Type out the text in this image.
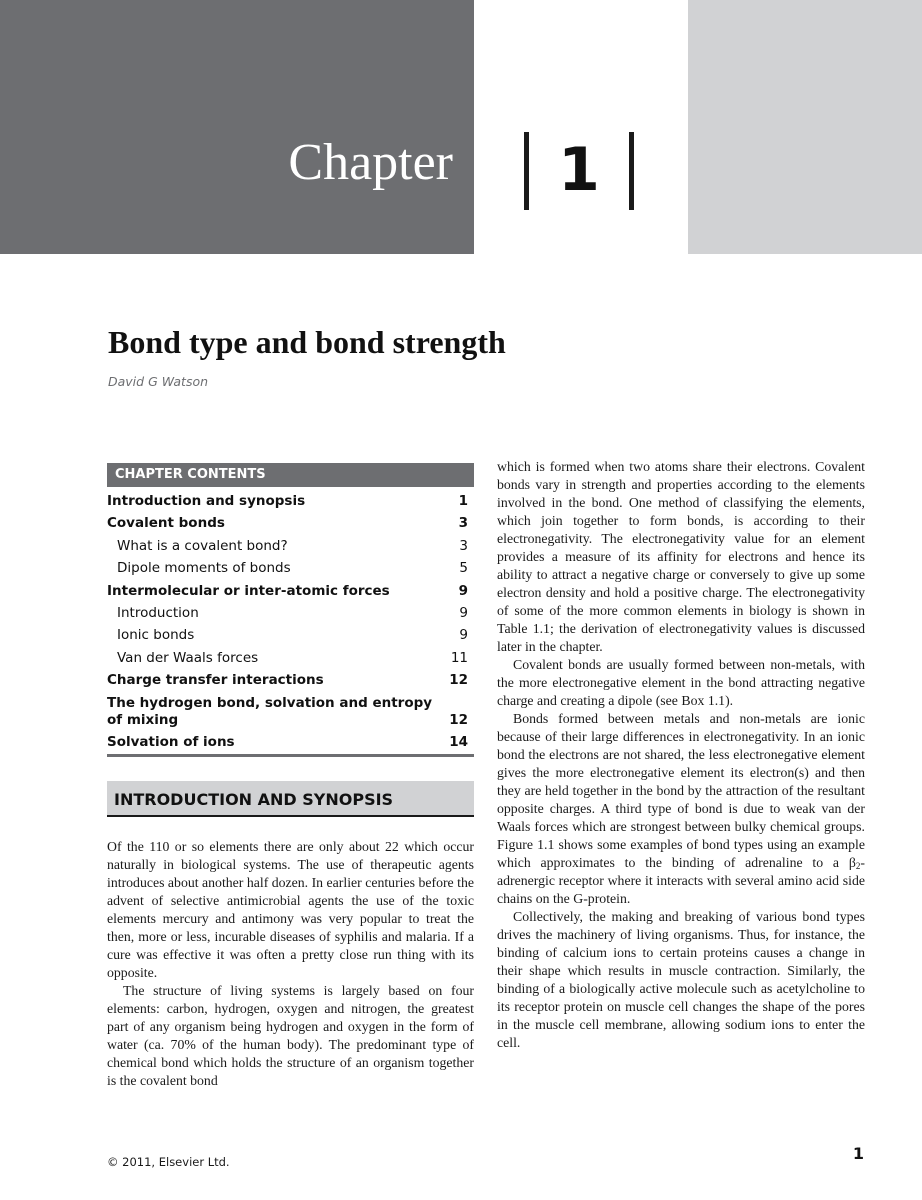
Chapter	1
Bond type and bond strength
David G Watson
CHAPTER CONTENTS
Introduction and synopsis	1
Covalent bonds	3
What is a covalent bond?	3
Dipole moments of bonds	5
Intermolecular or inter-atomic forces	9
Introduction	9
Ionic bonds	9
Van der Waals forces	11
Charge transfer interactions	12
The hydrogen bond, solvation and entropy of mixing	12
Solvation of ions	14
INTRODUCTION AND SYNOPSIS

Of the 110 or so elements there are only about 22 which occur naturally in biological systems. The use of therapeutic agents introduces about another half dozen. In earlier centuries before the advent of selective antimicrobial agents the use of the toxic elements mercury and antimony was very popular to treat the then, more or less, incurable diseases of syphilis and malaria. If a cure was effective it was often a pretty close run thing with its opposite.

The structure of living systems is largely based on four elements: carbon, hydrogen, oxygen and nitrogen, the greatest part of any organism being hydrogen and oxygen in the form of water (ca. 70% of the human body). The predominant type of chemical bond which holds the structure of an organism together is the covalent bond

which is formed when two atoms share their electrons. Covalent bonds vary in strength and properties according to the elements involved in the bond. One method of classifying the elements, which join together to form bonds, is according to their electronegativity. The electronegativity value for an element provides a measure of its affinity for electrons and hence its ability to attract a negative charge or conversely to give up some electron density and hold a positive charge. The electronegativity of some of the more common elements in biology is shown in Table 1.1; the derivation of electronegativity values is discussed later in the chapter.

Covalent bonds are usually formed between non-metals, with the more electronegative element in the bond attracting negative charge and creating a dipole (see Box 1.1).

Bonds formed between metals and non-metals are ionic because of their large differences in electronegativity. In an ionic bond the electrons are not shared, the less electronegative element gives the more electronegative element its electron(s) and then they are held together in the bond by the attraction of the resultant opposite charges. A third type of bond is due to weak van der Waals forces which are strongest between bulky chemical groups. Figure 1.1 shows some examples of bond types using an example which approximates to the binding of adrenaline to a $\beta_2$-adrenergic receptor where it interacts with several amino acid side chains on the G-protein.

Collectively, the making and breaking of various bond types drives the machinery of living organisms. Thus, for instance, the binding of calcium ions to certain proteins causes a change in their shape which results in muscle contraction. Similarly, the binding of a biologically active molecule such as acetylcholine to its receptor protein on muscle cell changes the shape of the pores in the muscle cell membrane, allowing sodium ions to enter the cell.

© 2011, Elsevier Ltd.	1
